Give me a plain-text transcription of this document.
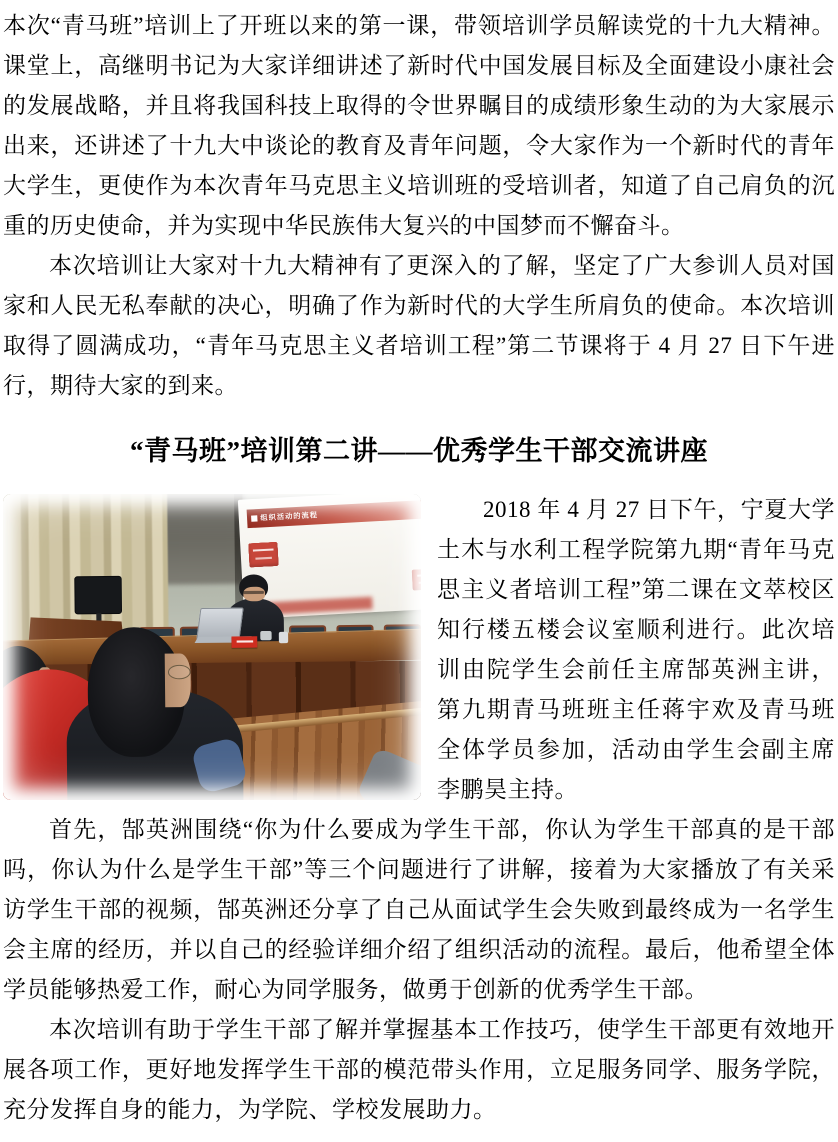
本次“青马班”培训上了开班以来的第一课，带领培训学员解读党的十九大精神。课堂上，高继明书记为大家详细讲述了新时代中国发展目标及全面建设小康社会的发展战略，并且将我国科技上取得的令世界瞩目的成绩形象生动的为大家展示出来，还讲述了十九大中谈论的教育及青年问题，令大家作为一个新时代的青年大学生，更使作为本次青年马克思主义培训班的受培训者，知道了自己肩负的沉重的历史使命，并为实现中华民族伟大复兴的中国梦而不懈奋斗。

本次培训让大家对十九大精神有了更深入的了解，坚定了广大参训人员对国家和人民无私奉献的决心，明确了作为新时代的大学生所肩负的使命。本次培训取得了圆满成功，“青年马克思主义者培训工程”第二节课将于 4 月 27 日下午进行，期待大家的到来。

“青马班”培训第二讲——优秀学生干部交流讲座
组织活动的流程	2018 年 4 月 27 日下午，宁夏大学土木与水利工程学院第九期“青年马克思主义者培训工程”第二课在文萃校区知行楼五楼会议室顺利进行。此次培训由院学生会前任主席郜英洲主讲，第九期青马班班主任蒋宇欢及青马班全体学员参加，活动由学生会副主席李鹏昊主持。

首先，郜英洲围绕“你为什么要成为学生干部，你认为学生干部真的是干部吗，你认为什么是学生干部”等三个问题进行了讲解，接着为大家播放了有关采访学生干部的视频，郜英洲还分享了自己从面试学生会失败到最终成为一名学生会主席的经历，并以自己的经验详细介绍了组织活动的流程。最后，他希望全体学员能够热爱工作，耐心为同学服务，做勇于创新的优秀学生干部。

本次培训有助于学生干部了解并掌握基本工作技巧，使学生干部更有效地开展各项工作，更好地发挥学生干部的模范带头作用，立足服务同学、服务学院，充分发挥自身的能力，为学院、学校发展助力。
